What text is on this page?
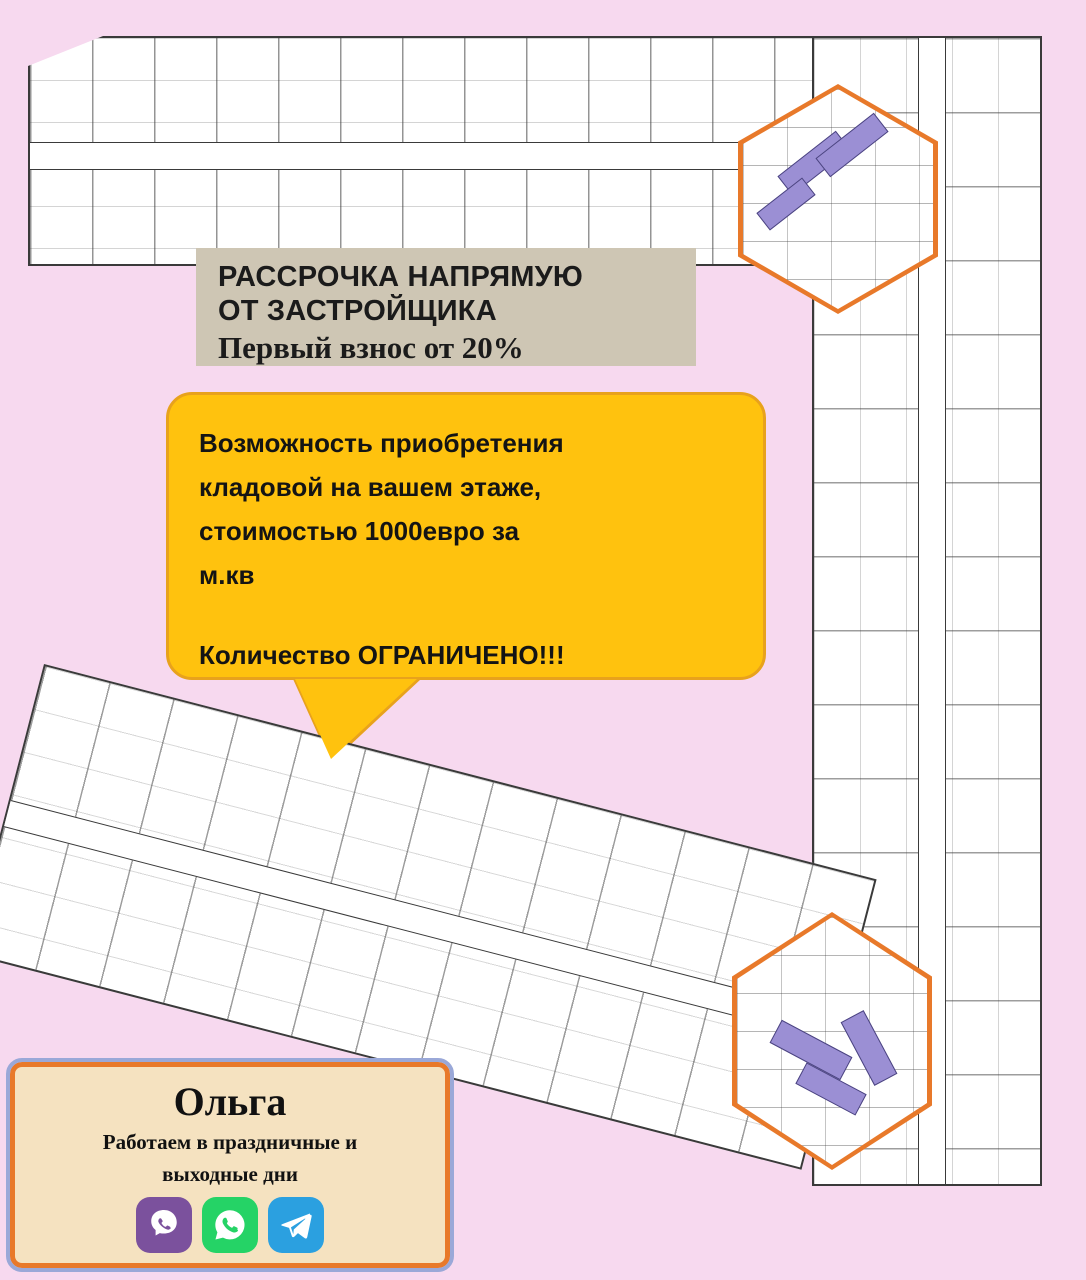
РАССРОЧКА НАПРЯМУЮ
ОТ ЗАСТРОЙЩИКА
Первый взнос от 20%

Возможность приобретения

кладовой на вашем этаже,

стоимостью 1000евро за

м.кв

Количество ОГРАНИЧЕНО!!!

Ольга
Работаем в праздничные и
выходные дни
